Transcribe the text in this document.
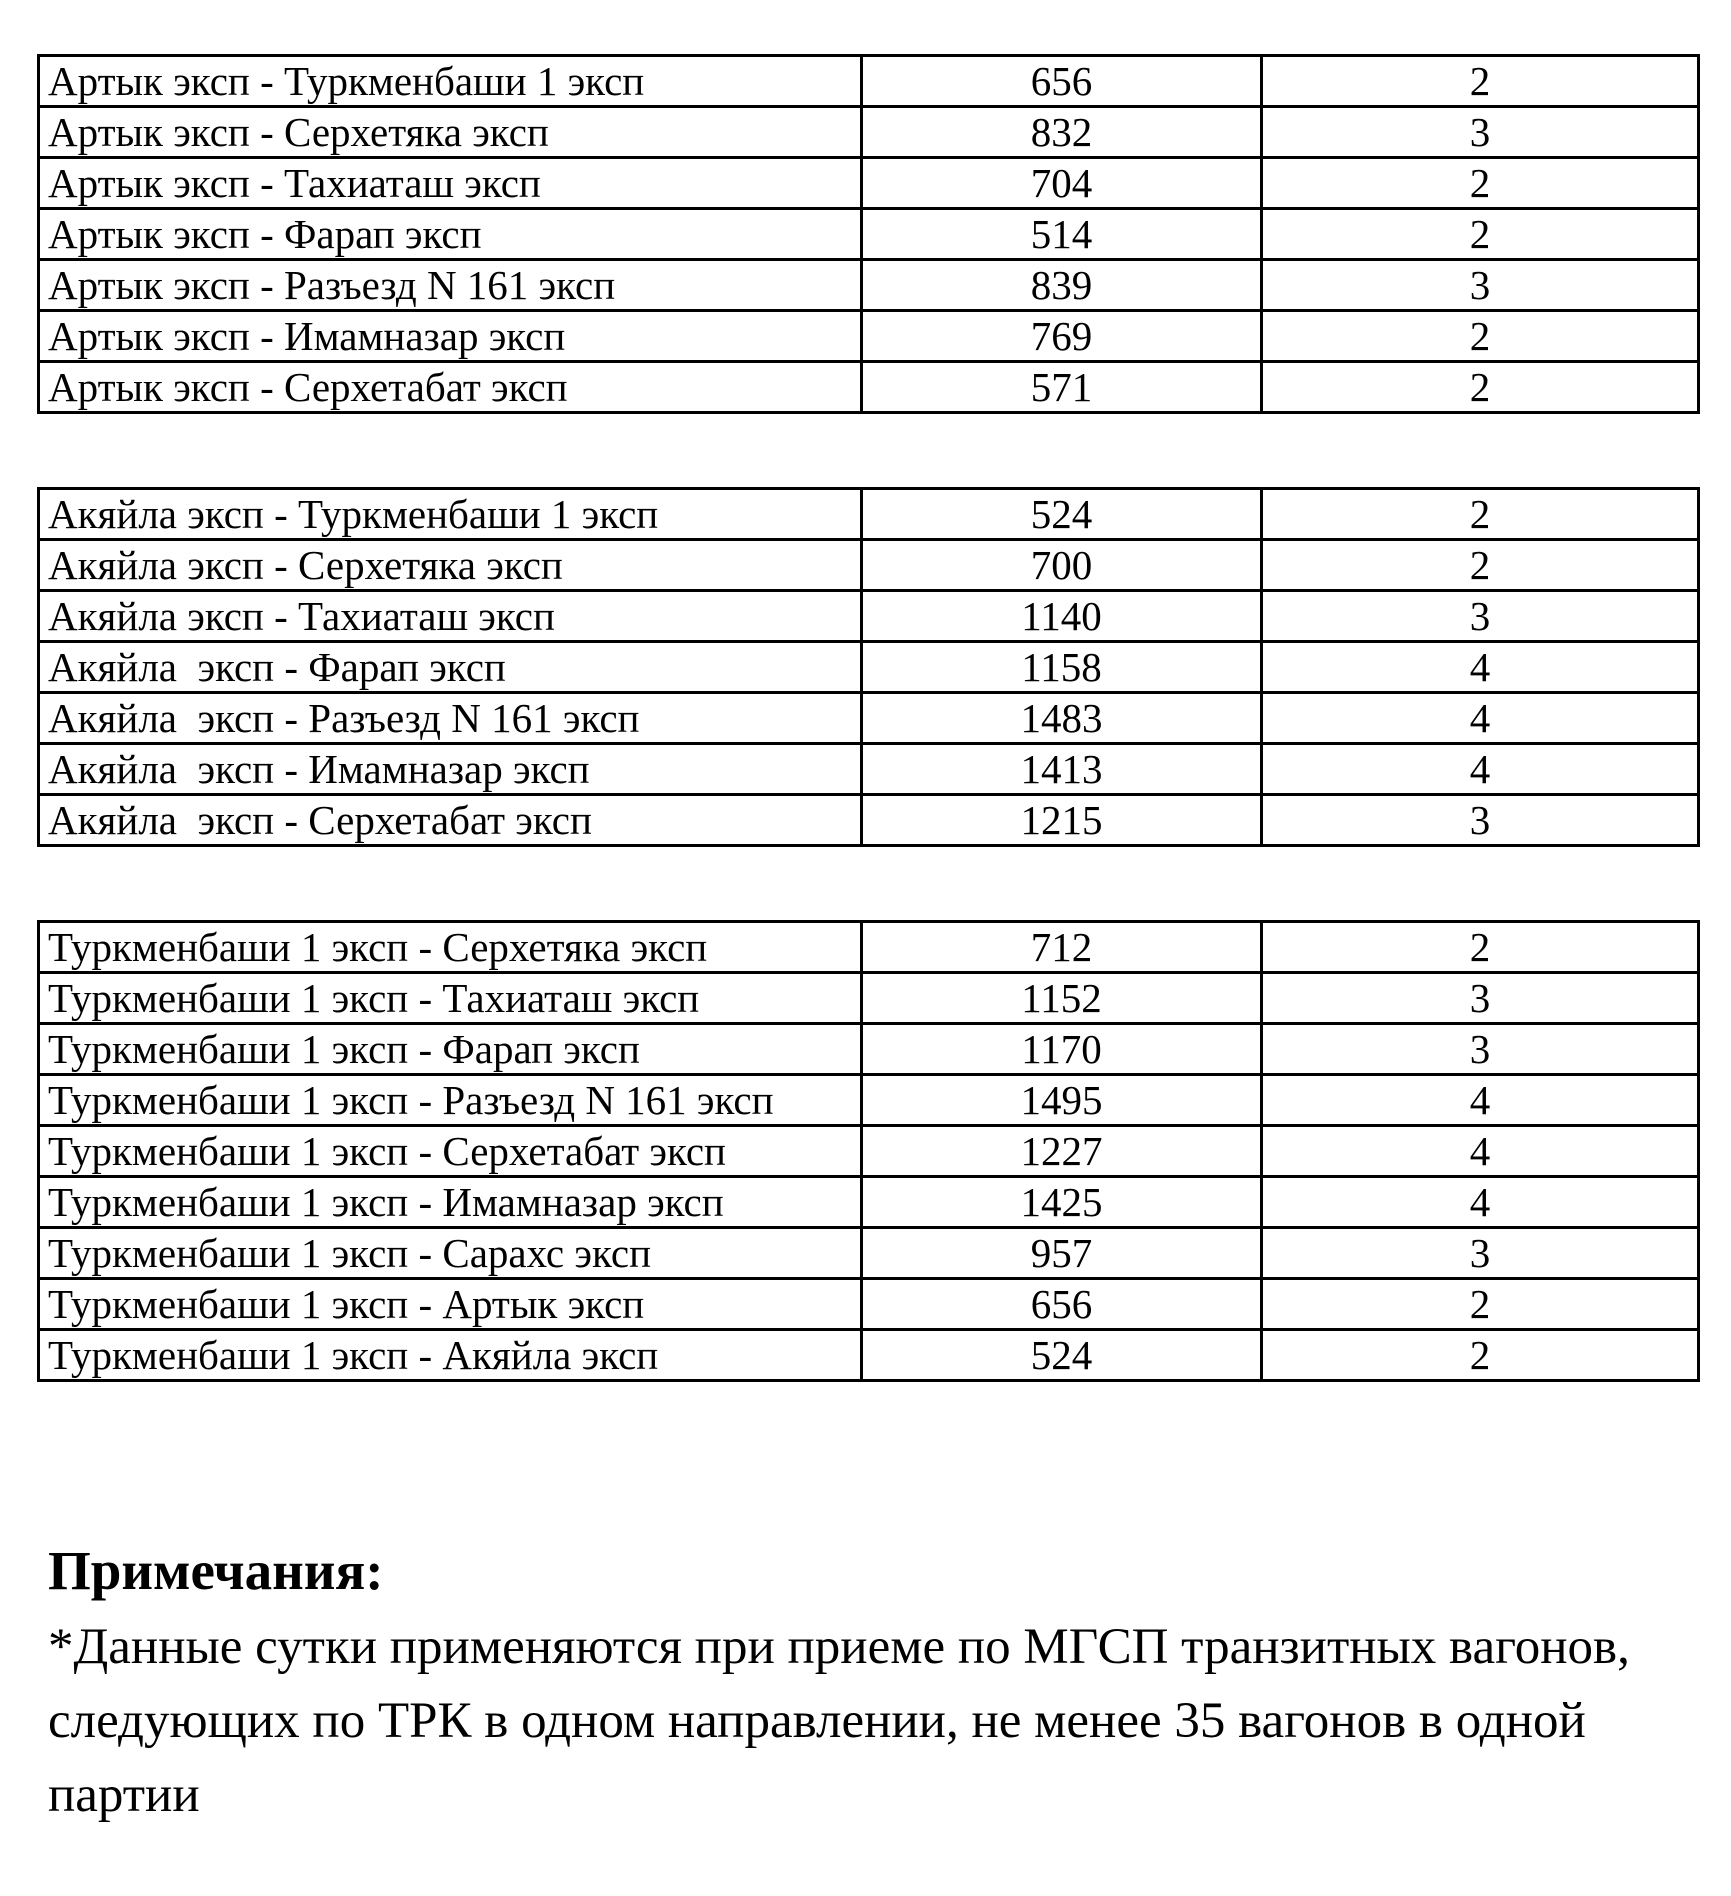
Артык эксп - Туркменбаши 1 эксп	656	2
Артык эксп - Серхетяка эксп	832	3
Артык эксп - Тахиаташ эксп	704	2
Артык эксп - Фарап эксп	514	2
Артык эксп - Разъезд N 161 эксп	839	3
Артык эксп - Имамназар эксп	769	2
Артык эксп - Серхетабат эксп	571	2
Акяйла эксп - Туркменбаши 1 эксп	524	2
Акяйла эксп - Серхетяка эксп	700	2
Акяйла эксп - Тахиаташ эксп	1140	3
Акяйла  эксп - Фарап эксп	1158	4
Акяйла  эксп - Разъезд N 161 эксп	1483	4
Акяйла  эксп - Имамназар эксп	1413	4
Акяйла  эксп - Серхетабат эксп	1215	3
Туркменбаши 1 эксп - Серхетяка эксп	712	2
Туркменбаши 1 эксп - Тахиаташ эксп	1152	3
Туркменбаши 1 эксп - Фарап эксп	1170	3
Туркменбаши 1 эксп - Разъезд N 161 эксп	1495	4
Туркменбаши 1 эксп - Серхетабат эксп	1227	4
Туркменбаши 1 эксп - Имамназар эксп	1425	4
Туркменбаши 1 эксп - Сарахс эксп	957	3
Туркменбаши 1 эксп - Артык эксп	656	2
Туркменбаши 1 эксп - Акяйла эксп	524	2
Примечания:

*Данные сутки применяются при приеме по МГСП транзитных вагонов, следующих по ТРК в одном направлении, не менее 35 вагонов в одной партии
